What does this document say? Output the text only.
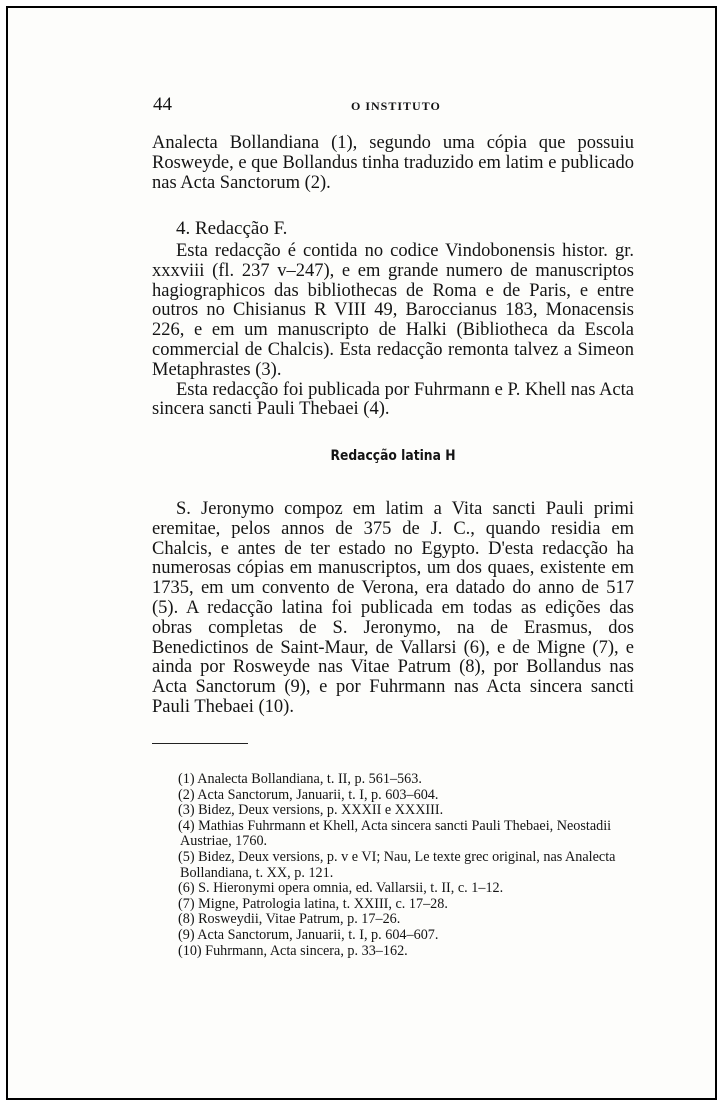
44	O INSTITUTO

Analecta Bollandiana (1), segundo uma cópia que possuiu Rosweyde, e que Bollandus tinha traduzido em latim e publicado nas Acta Sanctorum (2).

4. Redacção F.

Esta redacção é contida no codice Vindobonensis histor. gr. xxxviii (fl. 237 v–247), e em grande numero de manuscriptos hagiographicos das bibliothecas de Roma e de Paris, e entre outros no Chisianus R VIII 49, Baroccianus 183, Monacensis 226, e em um manuscripto de Halki (Bibliotheca da Escola commercial de Chalcis). Esta redacção remonta talvez a Simeon Metaphrastes (3).

Esta redacção foi publicada por Fuhrmann e P. Khell nas Acta sincera sancti Pauli Thebaei (4).

Redacção latina H

S. Jeronymo compoz em latim a Vita sancti Pauli primi eremitae, pelos annos de 375 de J. C., quando residia em Chalcis, e antes de ter estado no Egypto. D'esta redacção ha numerosas cópias em manuscriptos, um dos quaes, existente em 1735, em um convento de Verona, era datado do anno de 517 (5). A redacção latina foi publicada em todas as edições das obras completas de S. Jeronymo, na de Erasmus, dos Benedictinos de Saint-Maur, de Vallarsi (6), e de Migne (7), e ainda por Rosweyde nas Vitae Patrum (8), por Bollandus nas Acta Sanctorum (9), e por Fuhrmann nas Acta sincera sancti Pauli Thebaei (10).

(1) Analecta Bollandiana, t. II, p. 561–563.
(2) Acta Sanctorum, Januarii, t. I, p. 603–604.
(3) Bidez, Deux versions, p. XXXII e XXXIII.
(4) Mathias Fuhrmann et Khell, Acta sincera sancti Pauli Thebaei, Neostadii Austriae, 1760.
(5) Bidez, Deux versions, p. v e VI; Nau, Le texte grec original, nas Analecta Bollandiana, t. XX, p. 121.
(6) S. Hieronymi opera omnia, ed. Vallarsii, t. II, c. 1–12.
(7) Migne, Patrologia latina, t. XXIII, c. 17–28.
(8) Rosweydii, Vitae Patrum, p. 17–26.
(9) Acta Sanctorum, Januarii, t. I, p. 604–607.
(10) Fuhrmann, Acta sincera, p. 33–162.
